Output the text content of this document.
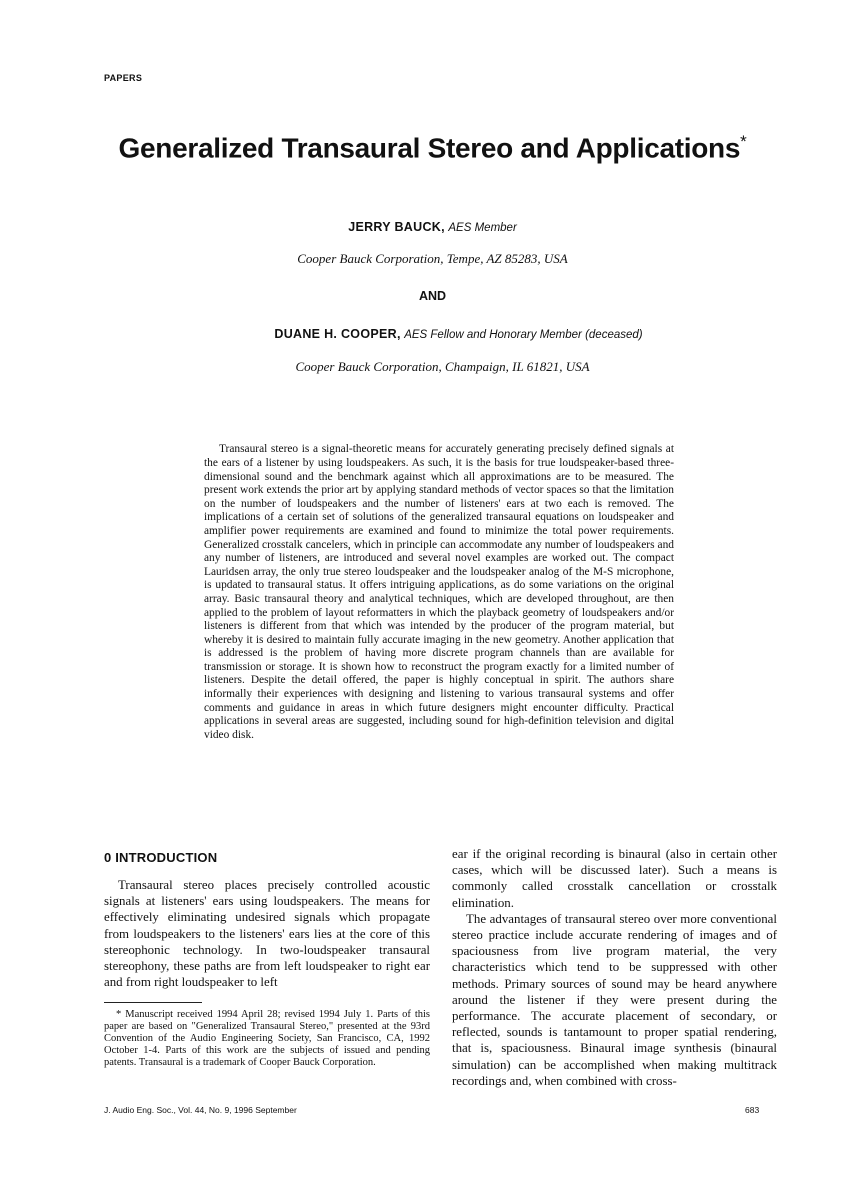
PAPERS
Generalized Transaural Stereo and Applications*
JERRY BAUCK, AES Member
Cooper Bauck Corporation, Tempe, AZ 85283, USA
AND
DUANE H. COOPER, AES Fellow and Honorary Member (deceased)
Cooper Bauck Corporation, Champaign, IL 61821, USA

Transaural stereo is a signal-theoretic means for accurately generating precisely defined signals at the ears of a listener by using loudspeakers. As such, it is the basis for true loudspeaker-based three-dimensional sound and the benchmark against which all approximations are to be measured. The present work extends the prior art by applying standard methods of vector spaces so that the limitation on the number of loudspeakers and the number of listeners' ears at two each is removed. The implications of a certain set of solutions of the generalized transaural equations on loudspeaker and amplifier power requirements are examined and found to minimize the total power requirements. Generalized crosstalk cancelers, which in principle can accommodate any number of loudspeakers and any number of listeners, are introduced and several novel examples are worked out. The compact Lauridsen array, the only true stereo loudspeaker and the loudspeaker analog of the M-S microphone, is updated to transaural status. It offers intriguing applications, as do some variations on the original array. Basic transaural theory and analytical techniques, which are developed throughout, are then applied to the problem of layout reformatters in which the playback geometry of loudspeakers and/or listeners is different from that which was intended by the producer of the program material, but whereby it is desired to maintain fully accurate imaging in the new geometry. Another application that is addressed is the problem of having more discrete program channels than are available for transmission or storage. It is shown how to reconstruct the program exactly for a limited number of listeners. Despite the detail offered, the paper is highly conceptual in spirit. The authors share informally their experiences with designing and listening to various transaural systems and offer comments and guidance in areas in which future designers might encounter difficulty. Practical applications in several areas are suggested, including sound for high-definition television and digital video disk.

0 INTRODUCTION

Transaural stereo places precisely controlled acoustic signals at listeners' ears using loudspeakers. The means for effectively eliminating undesired signals which propagate from loudspeakers to the listeners' ears lies at the core of this stereophonic technology. In two-loudspeaker transaural stereophony, these paths are from left loudspeaker to right ear and from right loudspeaker to left

* Manuscript received 1994 April 28; revised 1994 July 1. Parts of this paper are based on "Generalized Transaural Stereo," presented at the 93rd Convention of the Audio Engineering Society, San Francisco, CA, 1992 October 1-4. Parts of this work are the subjects of issued and pending patents. Transaural is a trademark of Cooper Bauck Corporation.

ear if the original recording is binaural (also in certain other cases, which will be discussed later). Such a means is commonly called crosstalk cancellation or crosstalk elimination.

The advantages of transaural stereo over more conventional stereo practice include accurate rendering of images and of spaciousness from live program material, the very characteristics which tend to be suppressed with other methods. Primary sources of sound may be heard anywhere around the listener if they were present during the performance. The accurate placement of secondary, or reflected, sounds is tantamount to proper spatial rendering, that is, spaciousness. Binaural image synthesis (binaural simulation) can be accomplished when making multitrack recordings and, when combined with cross-

J. Audio Eng. Soc., Vol. 44, No. 9, 1996 September	683
